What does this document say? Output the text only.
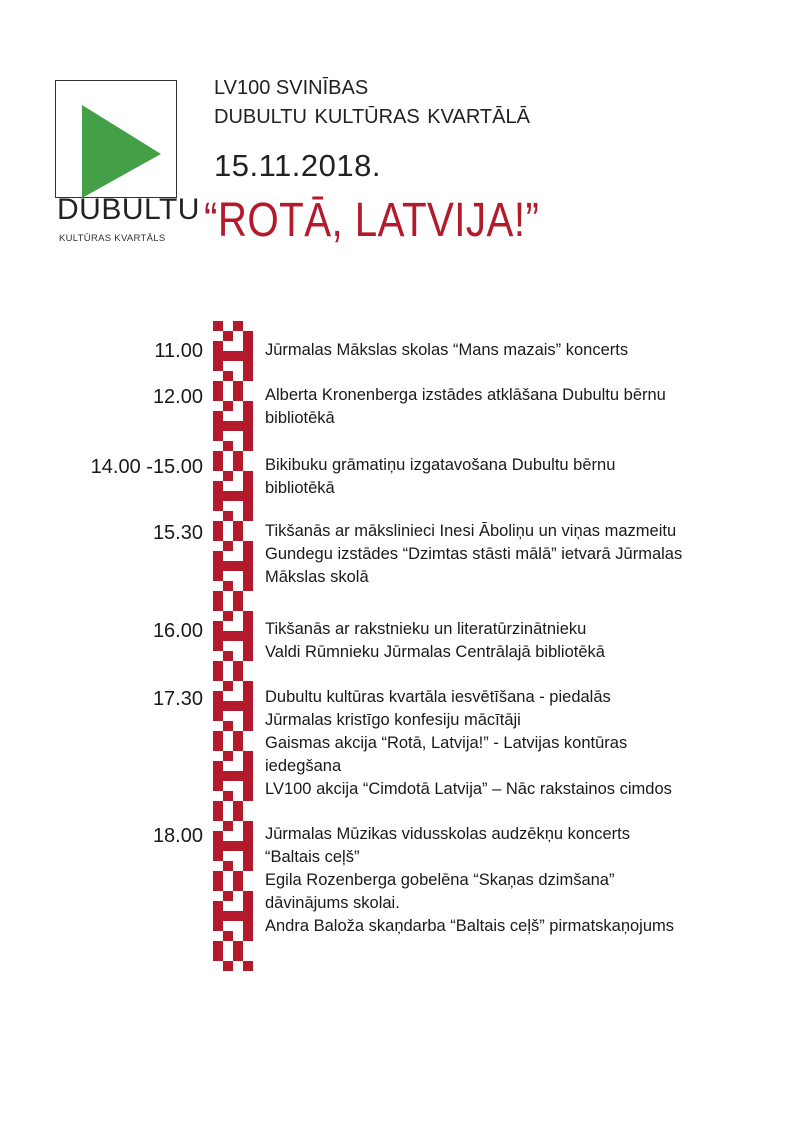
DUBULTU
KULTŪRAS KVARTĀLS
LV100 SVINĪBAS
DUBULTU KULTŪRAS KVARTĀLĀ
15.11.2018.
“ROTĀ, LATVIJA!”
11.00	Jūrmalas Mākslas skolas “Mans mazais” koncerts
12.00	Alberta Kronenberga izstādes atklāšana Dubultu bērnu
bibliotēkā
14.00 -15.00	Bikibuku grāmatiņu izgatavošana Dubultu bērnu
bibliotēkā
15.30	Tikšanās ar mākslinieci Inesi Āboliņu un viņas mazmeitu
Gundegu izstādes “Dzimtas stāsti mālā” ietvarā Jūrmalas
Mākslas skolā
16.00	Tikšanās ar rakstnieku un literatūrzinātnieku
Valdi Rūmnieku Jūrmalas Centrālajā bibliotēkā
17.30	Dubultu kultūras kvartāla iesvētīšana - piedalās
Jūrmalas kristīgo konfesiju mācītāji
Gaismas akcija “Rotā, Latvija!” - Latvijas kontūras
iedegšana
LV100 akcija “Cimdotā Latvija” – Nāc rakstainos cimdos
18.00	Jūrmalas Mūzikas vidusskolas audzēkņu koncerts
“Baltais ceļš”
Egila Rozenberga gobelēna “Skaņas dzimšana”
dāvinājums skolai.
Andra Baloža skaņdarba “Baltais ceļš” pirmatskaņojums
